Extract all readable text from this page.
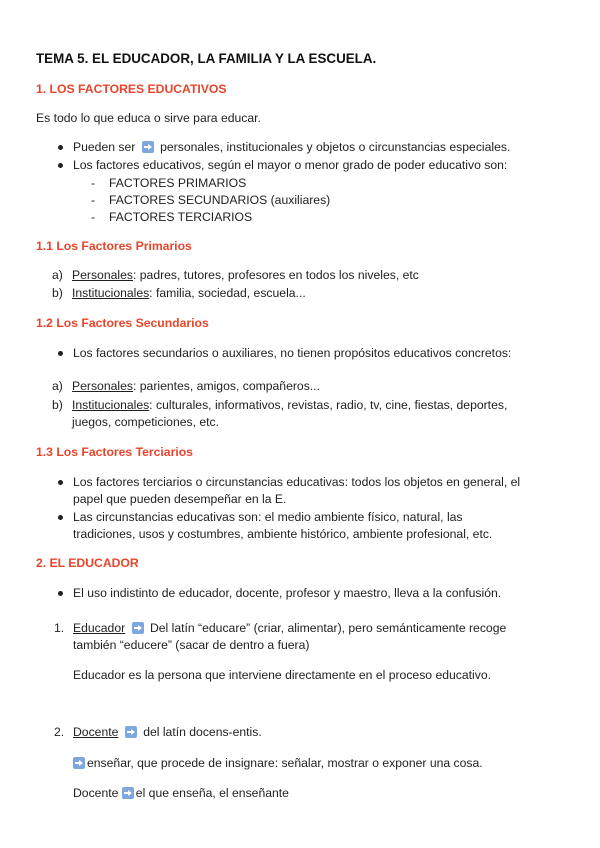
TEMA 5. EL EDUCADOR, LA FAMILIA Y LA ESCUELA.
1. LOS FACTORES EDUCATIVOS
Es todo lo que educa o sirve para educar.
Pueden ser personales, institucionales y objetos o circunstancias especiales.
Los factores educativos, según el mayor o menor grado de poder educativo son:
- FACTORES PRIMARIOS
- FACTORES SECUNDARIOS (auxiliares)
- FACTORES TERCIARIOS
1.1 Los Factores Primarios
a) Personales: padres, tutores, profesores en todos los niveles, etc
b) Institucionales: familia, sociedad, escuela...
1.2 Los Factores Secundarios
Los factores secundarios o auxiliares, no tienen propósitos educativos concretos:
a) Personales: parientes, amigos, compañeros...
b) Institucionales: culturales, informativos, revistas, radio, tv, cine, fiestas, deportes,
juegos, competiciones, etc.
1.3 Los Factores Terciarios
Los factores terciarios o circunstancias educativas: todos los objetos en general, el
papel que pueden desempeñar en la E.
Las circunstancias educativas son: el medio ambiente físico, natural, las
tradiciones, usos y costumbres, ambiente histórico, ambiente profesional, etc.
2. EL EDUCADOR
El uso indistinto de educador, docente, profesor y maestro, lleva a la confusión.
1. Educador Del latín “educare” (criar, alimentar), pero semánticamente recoge
también “educere” (sacar de dentro a fuera)
Educador es la persona que interviene directamente en el proceso educativo.
2. Docente del latín docens-entis.
enseñar, que procede de insignare: señalar, mostrar o exponer una cosa.
Docente el que enseña, el enseñante
